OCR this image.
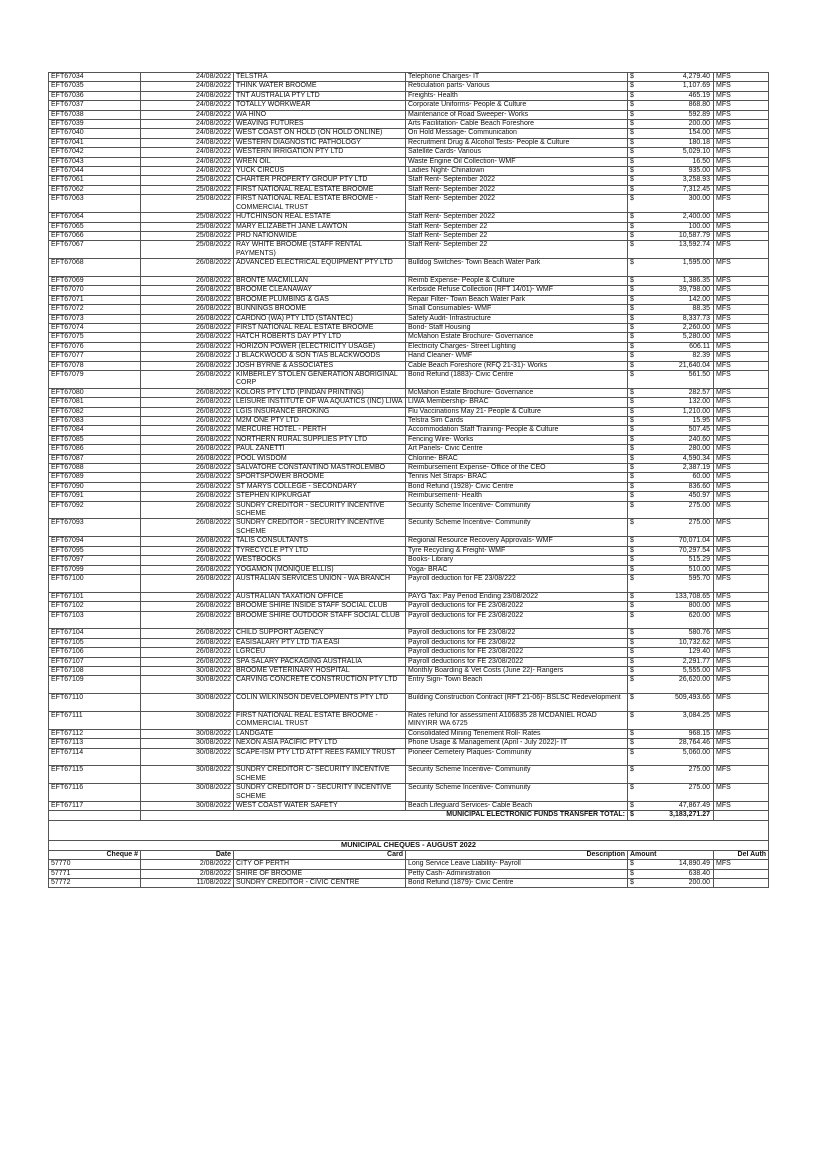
EFT67034	24/08/2022	TELSTRA	Telephone Charges- IT	$	4,279.40	MFS
EFT67035	24/08/2022	THINK WATER BROOME	Reticulation parts- Various	$	1,107.69	MFS
EFT67036	24/08/2022	TNT AUSTRALIA PTY LTD	Freights- Health	$	465.19	MFS
EFT67037	24/08/2022	TOTALLY WORKWEAR	Corporate Uniforms- People & Culture	$	868.80	MFS
EFT67038	24/08/2022	WA HINO	Maintenance of Road Sweeper- Works	$	592.89	MFS
EFT67039	24/08/2022	WEAVING FUTURES	Arts Facilitation- Cable Beach Foreshore	$	200.00	MFS
EFT67040	24/08/2022	WEST COAST ON HOLD (ON HOLD ONLINE)	On Hold Message- Communication	$	154.00	MFS
EFT67041	24/08/2022	WESTERN DIAGNOSTIC PATHOLOGY	Recruitment Drug & Alcohol Tests- People & Culture	$	180.18	MFS
EFT67042	24/08/2022	WESTERN IRRIGATION PTY LTD	Satellite Cards- Various	$	5,029.10	MFS
EFT67043	24/08/2022	WREN OIL	Waste Engine Oil Collection- WMF	$	16.50	MFS
EFT67044	24/08/2022	YUCK CIRCUS	Ladies Night- Chinatown	$	935.00	MFS
EFT67061	25/08/2022	CHARTER PROPERTY GROUP PTY LTD	Staff Rent- September 2022	$	3,258.93	MFS
EFT67062	25/08/2022	FIRST NATIONAL REAL ESTATE BROOME	Staff Rent- September 2022	$	7,312.45	MFS
EFT67063	25/08/2022	FIRST NATIONAL REAL ESTATE BROOME - COMMERCIAL TRUST	Staff Rent- September 2022	$	300.00	MFS
EFT67064	25/08/2022	HUTCHINSON REAL ESTATE	Staff Rent- September 2022	$	2,400.00	MFS
EFT67065	25/08/2022	MARY ELIZABETH JANE LAWTON	Staff Rent- September 22	$	100.00	MFS
EFT67066	25/08/2022	PRD NATIONWIDE	Staff Rent- September 22	$	10,587.79	MFS
EFT67067	25/08/2022	RAY WHITE BROOME (STAFF RENTAL PAYMENTS)	Staff Rent- September 22	$	13,592.74	MFS
EFT67068	26/08/2022	ADVANCED ELECTRICAL EQUIPMENT PTY LTD	Bulldog Switches- Town Beach Water Park	$	1,595.00	MFS
EFT67069	26/08/2022	BRONTE MACMILLAN	Reimb Expense- People & Culture	$	1,386.35	MFS
EFT67070	26/08/2022	BROOME CLEANAWAY	Kerbside Refuse Collection (RFT 14/01)- WMF	$	39,798.00	MFS
EFT67071	26/08/2022	BROOME PLUMBING & GAS	Repair Filter- Town Beach Water Park	$	142.00	MFS
EFT67072	26/08/2022	BUNNINGS BROOME	Small Consumables- WMF	$	88.35	MFS
EFT67073	26/08/2022	CARDNO (WA) PTY LTD (STANTEC)	Safety Audit- Infrastructure	$	8,337.73	MFS
EFT67074	26/08/2022	FIRST NATIONAL REAL ESTATE BROOME	Bond- Staff Housing	$	2,260.00	MFS
EFT67075	26/08/2022	HATCH ROBERTS DAY PTY LTD	McMahon Estate Brochure- Governance	$	5,280.00	MFS
EFT67076	26/08/2022	HORIZON POWER (ELECTRICITY USAGE)	Electricity Charges- Street Lighting	$	606.11	MFS
EFT67077	26/08/2022	J BLACKWOOD & SON T/AS BLACKWOODS	Hand Cleaner- WMF	$	82.39	MFS
EFT67078	26/08/2022	JOSH BYRNE & ASSOCIATES	Cable Beach Foreshore (RFQ 21-31)- Works	$	21,640.04	MFS
EFT67079	26/08/2022	KIMBERLEY STOLEN GENERATION ABORIGINAL CORP	Bond Refund (1883)- Civic Centre	$	561.50	MFS
EFT67080	26/08/2022	KOLORS PTY LTD (PINDAN PRINTING)	McMahon Estate Brochure- Governance	$	282.57	MFS
EFT67081	26/08/2022	LEISURE INSTITUTE OF WA AQUATICS (INC) LIWA	LIWA Membership- BRAC	$	132.00	MFS
EFT67082	26/08/2022	LGIS INSURANCE BROKING	Flu Vaccinations May 21- People & Culture	$	1,210.00	MFS
EFT67083	26/08/2022	M2M ONE PTY LTD	Telstra Sim Cards	$	15.95	MFS
EFT67084	26/08/2022	MERCURE HOTEL - PERTH	Accommodation Staff Training- People & Culture	$	507.45	MFS
EFT67085	26/08/2022	NORTHERN RURAL SUPPLIES PTY LTD	Fencing Wire- Works	$	240.60	MFS
EFT67086	26/08/2022	PAUL ZANETTI	Art Panels- Civic Centre	$	280.00	MFS
EFT67087	26/08/2022	POOL WISDOM	Chlorine- BRAC	$	4,590.34	MFS
EFT67088	26/08/2022	SALVATORE CONSTANTINO MASTROLEMBO	Reimbursement Expense- Office of the CEO	$	2,387.19	MFS
EFT67089	26/08/2022	SPORTSPOWER BROOME	Tennis Net Straps- BRAC	$	60.00	MFS
EFT67090	26/08/2022	ST MARYS COLLEGE - SECONDARY	Bond Refund (1928)- Civic Centre	$	836.60	MFS
EFT67091	26/08/2022	STEPHEN KIPKURGAT	Reimbursement- Health	$	450.97	MFS
EFT67092	26/08/2022	SUNDRY CREDITOR - SECURITY INCENTIVE SCHEME	Security Scheme Incentive- Community	$	275.00	MFS
EFT67093	26/08/2022	SUNDRY CREDITOR - SECURITY INCENTIVE SCHEME	Security Scheme Incentive- Community	$	275.00	MFS
EFT67094	26/08/2022	TALIS CONSULTANTS	Regional Resource Recovery Approvals- WMF	$	70,071.04	MFS
EFT67095	26/08/2022	TYRECYCLE PTY LTD	Tyre Recycling & Freight- WMF	$	70,297.54	MFS
EFT67097	26/08/2022	WESTBOOKS	Books- Library	$	515.29	MFS
EFT67099	26/08/2022	YOGAMON (MONIQUE ELLIS)	Yoga- BRAC	$	510.00	MFS
EFT67100	26/08/2022	AUSTRALIAN SERVICES UNION - WA BRANCH	Payroll deduction for FE 23/08/222	$	595.70	MFS
EFT67101	26/08/2022	AUSTRALIAN TAXATION OFFICE	PAYG Tax: Pay Period Ending 23/08/2022	$	133,708.65	MFS
EFT67102	26/08/2022	BROOME SHIRE INSIDE STAFF SOCIAL CLUB	Payroll deductions for FE 23/08/2022	$	800.00	MFS
EFT67103	26/08/2022	BROOME SHIRE OUTDOOR STAFF SOCIAL CLUB	Payroll deductions for FE 23/08/2022	$	620.00	MFS
EFT67104	26/08/2022	CHILD SUPPORT AGENCY	Payroll deductions for FE 23/08/22	$	580.76	MFS
EFT67105	26/08/2022	EASISALARY PTY LTD T/A EASI	Payroll deductions for FE 23/08/22	$	10,732.62	MFS
EFT67106	26/08/2022	LGRCEU	Payroll deductions for FE 23/08/2022	$	129.40	MFS
EFT67107	26/08/2022	SPA SALARY PACKAGING AUSTRALIA	Payroll deductions for FE 23/08/2022	$	2,291.77	MFS
EFT67108	30/08/2022	BROOME VETERINARY HOSPITAL	Monthly Boarding & Vet Costs (June 22)- Rangers	$	5,555.00	MFS
EFT67109	30/08/2022	CARVING CONCRETE CONSTRUCTION PTY LTD	Entry Sign- Town Beach	$	26,620.00	MFS
EFT67110	30/08/2022	COLIN WILKINSON DEVELOPMENTS PTY LTD	Building Construction Contract (RFT 21-06)- BSLSC Redevelopment	$	509,493.66	MFS
EFT67111	30/08/2022	FIRST NATIONAL REAL ESTATE BROOME - COMMERCIAL TRUST	Rates refund for assessment A106835 28 MCDANIEL ROAD MINYIRR WA 6725	$	3,084.25	MFS
EFT67112	30/08/2022	LANDGATE	Consolidated Mining Tenement Roll- Rates	$	968.15	MFS
EFT67113	30/08/2022	NEXON ASIA PACIFIC PTY LTD	Phone Usage & Management (April - July 2022)- IT	$	28,764.46	MFS
EFT67114	30/08/2022	SCAPE-ISM PTY LTD ATFT REES FAMILY TRUST	Pioneer Cemetery Plaques- Community	$	5,060.00	MFS
EFT67115	30/08/2022	SUNDRY CREDITOR C- SECURITY INCENTIVE SCHEME	Security Scheme Incentive- Community	$	275.00	MFS
EFT67116	30/08/2022	SUNDRY CREDITOR D - SECURITY INCENTIVE SCHEME	Security Scheme Incentive- Community	$	275.00	MFS
EFT67117	30/08/2022	WEST COAST WATER SAFETY	Beach Lifeguard Services- Cable Beach	$	47,867.49	MFS
	MUNICIPAL ELECTRONIC FUNDS TRANSFER TOTAL:			$	3,183,271.27	

MUNICIPAL CHEQUES - AUGUST 2022						
Cheque #	Date	Card	Description	Amount		Del Auth
57770	2/08/2022	CITY OF PERTH	Long Service Leave Liability- Payroll	$	14,890.49	MFS
57771	2/08/2022	SHIRE OF BROOME	Petty Cash- Administration	$	638.40	
57772	11/08/2022	SUNDRY CREDITOR - CIVIC CENTRE	Bond Refund (1879)- Civic Centre	$	200.00	
